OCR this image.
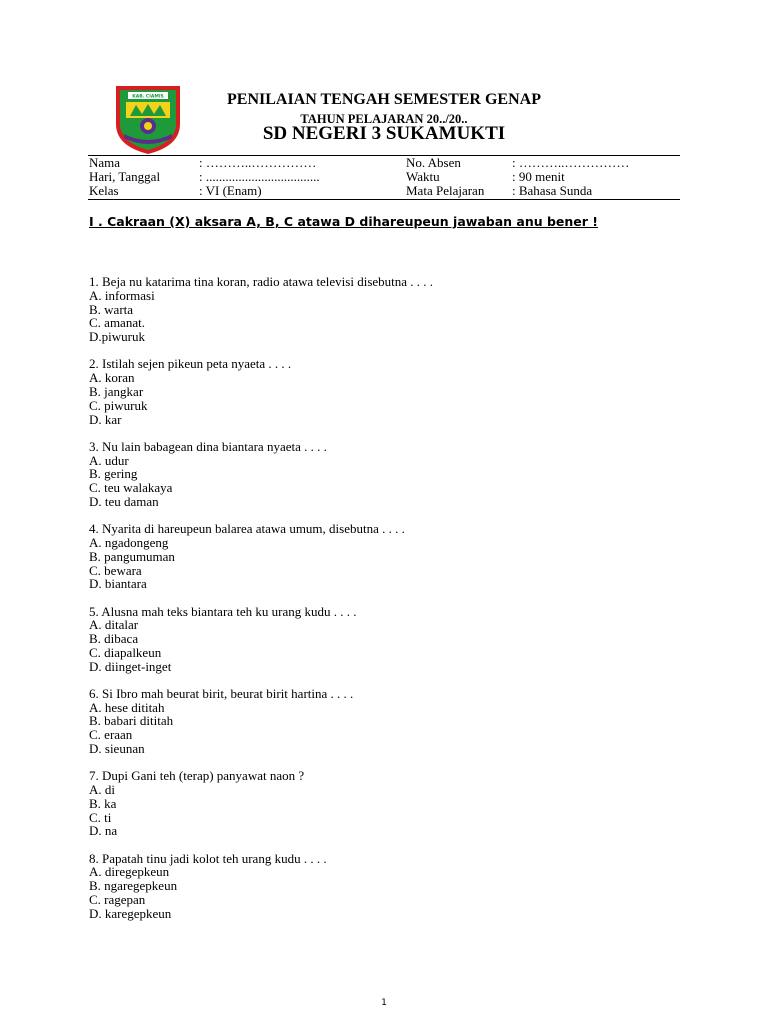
KAB. CIAMIS	PENILAIAN TENGAH SEMESTER GENAP
TAHUN PELAJARAN 20../20..
SD NEGERI 3 SUKAMUKTI
Nama	: ………..……………	No. Absen	: ………..……………
Hari, Tanggal	: ...................................	Waktu	: 90 menit
Kelas	: VI (Enam)	Mata Pelajaran : Bahasa Sunda
I . Cakraan (X) aksara A, B, C atawa D dihareupeun jawaban anu bener !
1. Beja nu katarima tina koran, radio atawa televisi disebutna . . . .
A. informasi
B. warta
C. amanat.
D.piwuruk
2. Istilah sejen pikeun peta nyaeta . . . .
A. koran
B. jangkar
C. piwuruk
D. kar
3. Nu lain babagean dina biantara nyaeta . . . .
A. udur
B. gering
C. teu walakaya
D. teu daman
4. Nyarita di hareupeun balarea atawa umum, disebutna . . . .
A. ngadongeng
B. pangumuman
C. bewara
D. biantara
5. Alusna mah teks biantara teh ku urang kudu . . . .
A. ditalar
B. dibaca
C. diapalkeun
D. diinget-inget
6. Si Ibro mah beurat birit, beurat birit hartina . . . .
A. hese dititah
B. babari dititah
C. eraan
D. sieunan
7. Dupi Gani teh (terap) panyawat naon ?
A. di
B. ka
C. ti
D. na
8. Papatah tinu jadi kolot teh urang kudu . . . .
A. diregepkeun
B. ngaregepkeun
C. ragepan
D. karegepkeun
1
